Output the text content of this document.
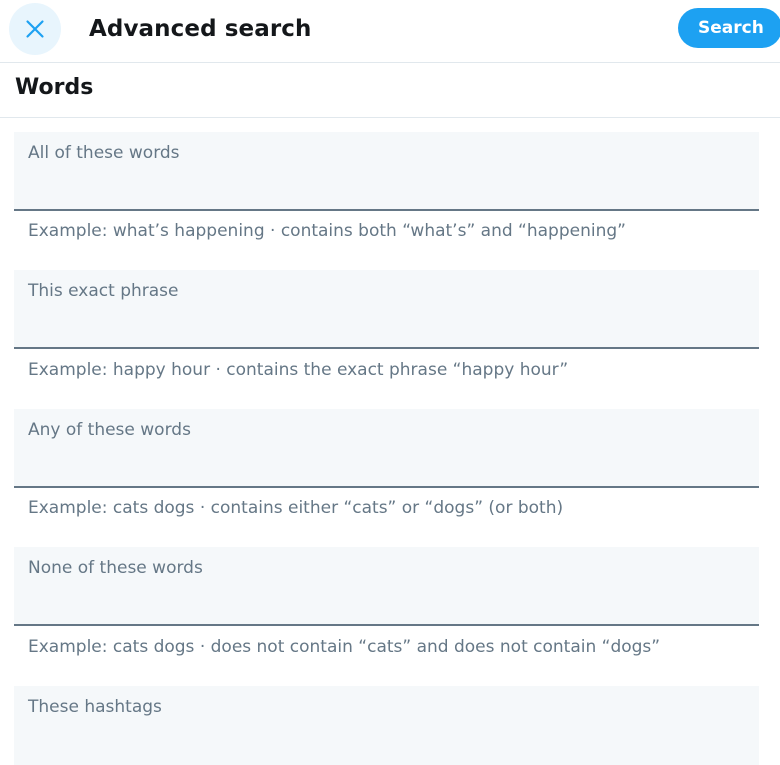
Advanced search	Search
Words
All of these words
Example: what’s happening · contains both “what’s” and “happening”
This exact phrase
Example: happy hour · contains the exact phrase “happy hour”
Any of these words
Example: cats dogs · contains either “cats” or “dogs” (or both)
None of these words
Example: cats dogs · does not contain “cats” and does not contain “dogs”
These hashtags
